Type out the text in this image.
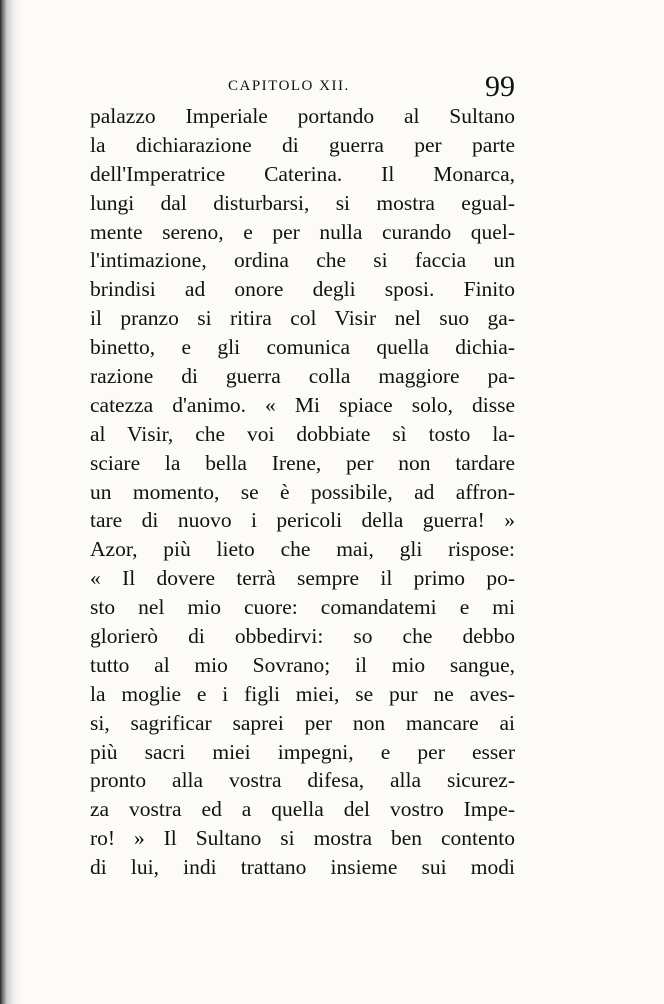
CAPITOLO XII.	99
palazzo Imperiale portando al Sultano
la dichiarazione di guerra per parte
dell'Imperatrice Caterina. Il Monarca,
lungi dal disturbarsi, si mostra egual-
mente sereno, e per nulla curando quel-
l'intimazione, ordina che si faccia un
brindisi ad onore degli sposi. Finito
il pranzo si ritira col Visir nel suo ga-
binetto, e gli comunica quella dichia-
razione di guerra colla maggiore pa-
catezza d'animo. « Mi spiace solo, disse
al Visir, che voi dobbiate sì tosto la-
sciare la bella Irene, per non tardare
un momento, se è possibile, ad affron-
tare di nuovo i pericoli della guerra! »
Azor, più lieto che mai, gli rispose:
« Il dovere terrà sempre il primo po-
sto nel mio cuore: comandatemi e mi
glorierò di obbedirvi: so che debbo
tutto al mio Sovrano; il mio sangue,
la moglie e i figli miei, se pur ne aves-
si, sagrificar saprei per non mancare ai
più sacri miei impegni, e per esser
pronto alla vostra difesa, alla sicurez-
za vostra ed a quella del vostro Impe-
ro! » Il Sultano si mostra ben contento
di lui, indi trattano insieme sui modi
